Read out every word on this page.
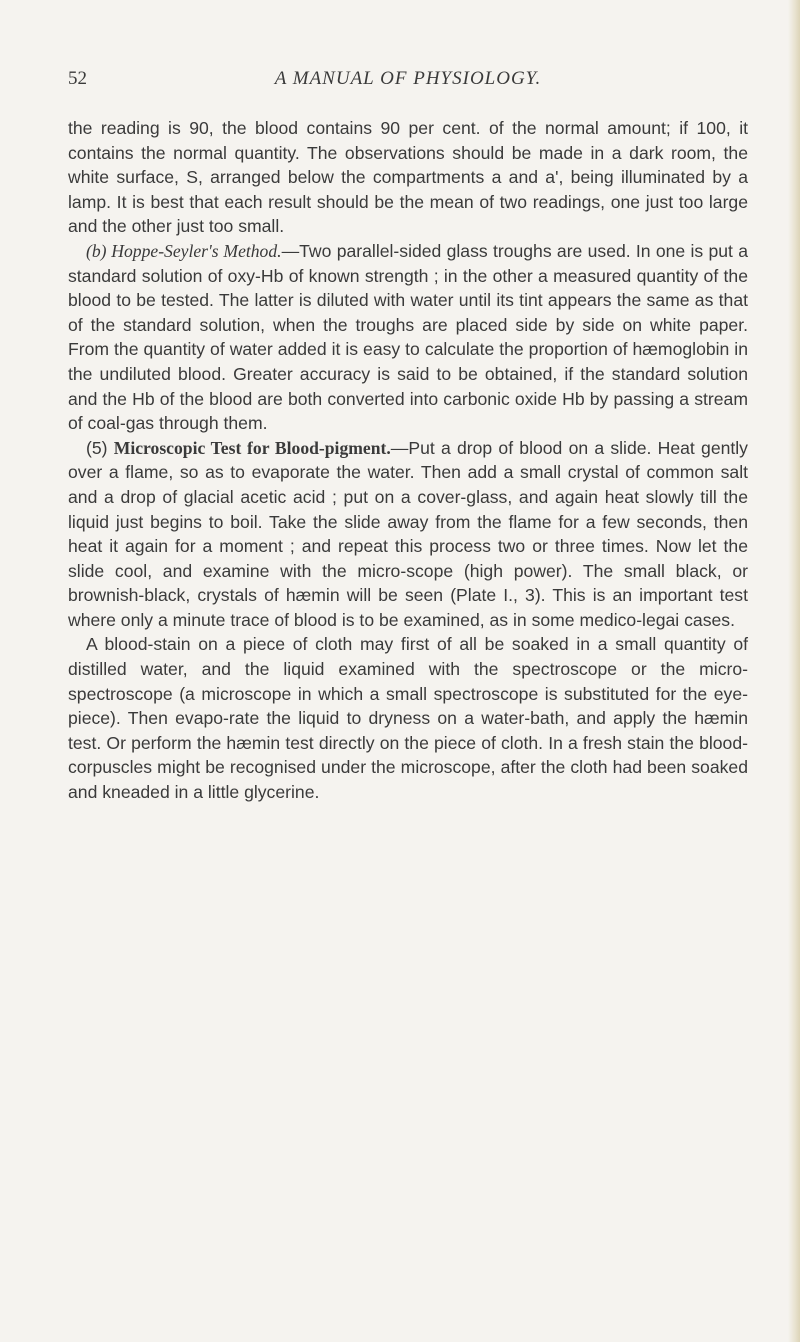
52	A MANUAL OF PHYSIOLOGY.

the reading is 90, the blood contains 90 per cent. of the normal amount; if 100, it contains the normal quantity. The observations should be made in a dark room, the white surface, S, arranged below the compartments a and a', being illuminated by a lamp. It is best that each result should be the mean of two readings, one just too large and the other just too small.

(b) Hoppe-Seyler's Method.—Two parallel-sided glass troughs are used. In one is put a standard solution of oxy-Hb of known strength ; in the other a measured quantity of the blood to be tested. The latter is diluted with water until its tint appears the same as that of the standard solution, when the troughs are placed side by side on white paper. From the quantity of water added it is easy to calculate the proportion of hæmoglobin in the undiluted blood. Greater accuracy is said to be obtained, if the standard solution and the Hb of the blood are both converted into carbonic oxide Hb by passing a stream of coal-gas through them.

(5) Microscopic Test for Blood-pigment.—Put a drop of blood on a slide. Heat gently over a flame, so as to evaporate the water. Then add a small crystal of common salt and a drop of glacial acetic acid ; put on a cover-glass, and again heat slowly till the liquid just begins to boil. Take the slide away from the flame for a few seconds, then heat it again for a moment ; and repeat this process two or three times. Now let the slide cool, and examine with the micro-scope (high power). The small black, or brownish-black, crystals of hæmin will be seen (Plate I., 3). This is an important test where only a minute trace of blood is to be examined, as in some medico-legai cases.

A blood-stain on a piece of cloth may first of all be soaked in a small quantity of distilled water, and the liquid examined with the spectroscope or the micro-spectroscope (a microscope in which a small spectroscope is substituted for the eye-piece). Then evapo-rate the liquid to dryness on a water-bath, and apply the hæmin test. Or perform the hæmin test directly on the piece of cloth. In a fresh stain the blood-corpuscles might be recognised under the microscope, after the cloth had been soaked and kneaded in a little glycerine.
